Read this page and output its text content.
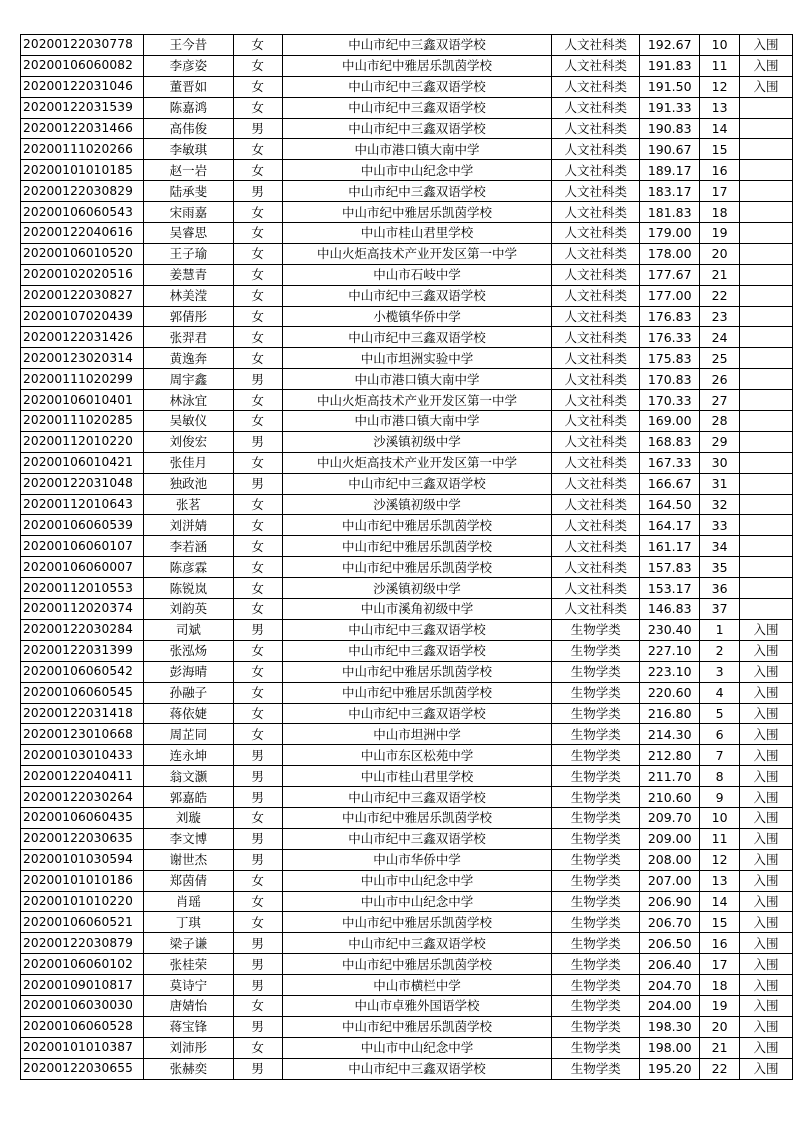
20200122030778	王今昔	女	中山市纪中三鑫双语学校	人文社科类	192.67	10	入围
20200106060082	李彦姿	女	中山市纪中雅居乐凯茵学校	人文社科类	191.83	11	入围
20200122031046	董晋如	女	中山市纪中三鑫双语学校	人文社科类	191.50	12	入围
20200122031539	陈嘉鸿	女	中山市纪中三鑫双语学校	人文社科类	191.33	13	
20200122031466	高伟俊	男	中山市纪中三鑫双语学校	人文社科类	190.83	14	
20200111020266	李敏琪	女	中山市港口镇大南中学	人文社科类	190.67	15	
20200101010185	赵一岩	女	中山市中山纪念中学	人文社科类	189.17	16	
20200122030829	陆承斐	男	中山市纪中三鑫双语学校	人文社科类	183.17	17	
20200106060543	宋雨嘉	女	中山市纪中雅居乐凯茵学校	人文社科类	181.83	18	
20200122040616	吴睿思	女	中山市桂山君里学校	人文社科类	179.00	19	
20200106010520	王子瑜	女	中山火炬高技术产业开发区第一中学	人文社科类	178.00	20	
20200102020516	姜慧青	女	中山市石岐中学	人文社科类	177.67	21	
20200122030827	林美滢	女	中山市纪中三鑫双语学校	人文社科类	177.00	22	
20200107020439	郭倩彤	女	小榄镇华侨中学	人文社科类	176.83	23	
20200122031426	张羿君	女	中山市纪中三鑫双语学校	人文社科类	176.33	24	
20200123020314	黄逸奔	女	中山市坦洲实验中学	人文社科类	175.83	25	
20200111020299	周宇鑫	男	中山市港口镇大南中学	人文社科类	170.83	26	
20200106010401	林泳宜	女	中山火炬高技术产业开发区第一中学	人文社科类	170.33	27	
20200111020285	吴敏仪	女	中山市港口镇大南中学	人文社科类	169.00	28	
20200112010220	刘俊宏	男	沙溪镇初级中学	人文社科类	168.83	29	
20200106010421	张佳月	女	中山火炬高技术产业开发区第一中学	人文社科类	167.33	30	
20200122031048	独政池	男	中山市纪中三鑫双语学校	人文社科类	166.67	31	
20200112010643	张茗	女	沙溪镇初级中学	人文社科类	164.50	32	
20200106060539	刘洴婧	女	中山市纪中雅居乐凯茵学校	人文社科类	164.17	33	
20200106060107	李若涵	女	中山市纪中雅居乐凯茵学校	人文社科类	161.17	34	
20200106060007	陈彦霖	女	中山市纪中雅居乐凯茵学校	人文社科类	157.83	35	
20200112010553	陈锐岚	女	沙溪镇初级中学	人文社科类	153.17	36	
20200112020374	刘韵英	女	中山市溪角初级中学	人文社科类	146.83	37	
20200122030284	司斌	男	中山市纪中三鑫双语学校	生物学类	230.40	1	入围
20200122031399	张泓炀	女	中山市纪中三鑫双语学校	生物学类	227.10	2	入围
20200106060542	彭海晴	女	中山市纪中雅居乐凯茵学校	生物学类	223.10	3	入围
20200106060545	孙融子	女	中山市纪中雅居乐凯茵学校	生物学类	220.60	4	入围
20200122031418	蒋依婕	女	中山市纪中三鑫双语学校	生物学类	216.80	5	入围
20200123010668	周芷同	女	中山市坦洲中学	生物学类	214.30	6	入围
20200103010433	连永坤	男	中山市东区松苑中学	生物学类	212.80	7	入围
20200122040411	翁文灏	男	中山市桂山君里学校	生物学类	211.70	8	入围
20200122030264	郭嘉皓	男	中山市纪中三鑫双语学校	生物学类	210.60	9	入围
20200106060435	刘璇	女	中山市纪中雅居乐凯茵学校	生物学类	209.70	10	入围
20200122030635	李文博	男	中山市纪中三鑫双语学校	生物学类	209.00	11	入围
20200101030594	谢世杰	男	中山市华侨中学	生物学类	208.00	12	入围
20200101010186	郑茵倩	女	中山市中山纪念中学	生物学类	207.00	13	入围
20200101010220	肖瑶	女	中山市中山纪念中学	生物学类	206.90	14	入围
20200106060521	丁琪	女	中山市纪中雅居乐凯茵学校	生物学类	206.70	15	入围
20200122030879	梁子谦	男	中山市纪中三鑫双语学校	生物学类	206.50	16	入围
20200106060102	张桂荣	男	中山市纪中雅居乐凯茵学校	生物学类	206.40	17	入围
20200109010817	莫诗宁	男	中山市横栏中学	生物学类	204.70	18	入围
20200106030030	唐婧怡	女	中山市卓雅外国语学校	生物学类	204.00	19	入围
20200106060528	蒋宝锋	男	中山市纪中雅居乐凯茵学校	生物学类	198.30	20	入围
20200101010387	刘沛彤	女	中山市中山纪念中学	生物学类	198.00	21	入围
20200122030655	张赫奕	男	中山市纪中三鑫双语学校	生物学类	195.20	22	入围
